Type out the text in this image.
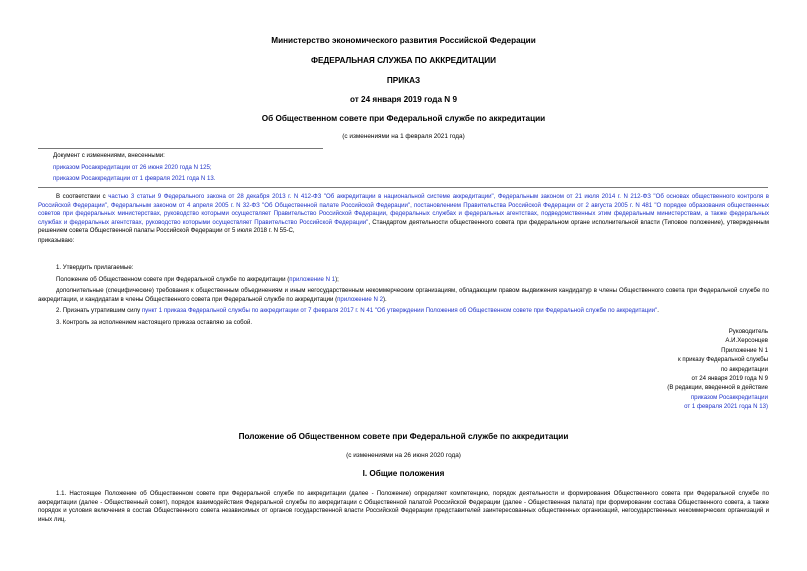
Министерство экономического развития Российской Федерации
ФЕДЕРАЛЬНАЯ СЛУЖБА ПО АККРЕДИТАЦИИ
ПРИКАЗ
от 24 января 2019 года N 9
Об Общественном совете при Федеральной службе по аккредитации
(с изменениями на 1 февраля 2021 года)

Документ с изменениями, внесенными:

приказом Росаккредитации от 26 июня 2020 года N 125;

приказом Росаккредитации от 1 февраля 2021 года N 13.

В соответствии с частью 3 статьи 9 Федерального закона от 28 декабря 2013 г. N 412-ФЗ "Об аккредитации в национальной системе аккредитации", Федеральным законом от 21 июля 2014 г. N 212-ФЗ "Об основах общественного контроля в Российской Федерации", Федеральным законом от 4 апреля 2005 г. N 32-ФЗ "Об Общественной палате Российской Федерации", постановлением Правительства Российской Федерации от 2 августа 2005 г. N 481 "О порядке образования общественных советов при федеральных министерствах, руководство которыми осуществляет Правительство Российской Федерации, федеральных службах и федеральных агентствах, подведомственных этим федеральным министерствам, а также федеральных службах и федеральных агентствах, руководство которыми осуществляет Правительство Российской Федерации", Стандартом деятельности общественного совета при федеральном органе исполнительной власти (Типовое положение), утвержденным решением совета Общественной палаты Российской Федерации от 5 июля 2018 г. N 55-С,

приказываю:

1. Утвердить прилагаемые:

Положение об Общественном совете при Федеральной службе по аккредитации (приложение N 1);

дополнительные (специфические) требования к общественным объединениям и иным негосударственным некоммерческим организациям, обладающим правом выдвижения кандидатур в члены Общественного совета при Федеральной службе по аккредитации, и кандидатам в члены Общественного совета при Федеральной службе по аккредитации (приложение N 2).

2. Признать утратившим силу пункт 1 приказа Федеральной службы по аккредитации от 7 февраля 2017 г. N 41 "Об утверждении Положения об Общественном совете при Федеральной службе по аккредитации".

3. Контроль за исполнением настоящего приказа оставляю за собой.

Руководитель

А.И.Херсонцев

Приложение N 1

к приказу Федеральной службы

по аккредитации

от 24 января 2019 года N 9

(В редакции, введенной в действие

приказом Росаккредитации

от 1 февраля 2021 года N 13)

Положение об Общественном совете при Федеральной службе по аккредитации
(с изменениями на 26 июня 2020 года)
I. Общие положения

1.1. Настоящее Положение об Общественном совете при Федеральной службе по аккредитации (далее - Положение) определяет компетенцию, порядок деятельности и формирования Общественного совета при Федеральной службе по аккредитации (далее - Общественный совет), порядок взаимодействия Федеральной службы по аккредитации с Общественной палатой Российской Федерации (далее - Общественная палата) при формировании состава Общественного совета, а также порядок и условия включения в состав Общественного совета независимых от органов государственной власти Российской Федерации представителей заинтересованных общественных организаций, негосударственных некоммерческих организаций и иных лиц.
